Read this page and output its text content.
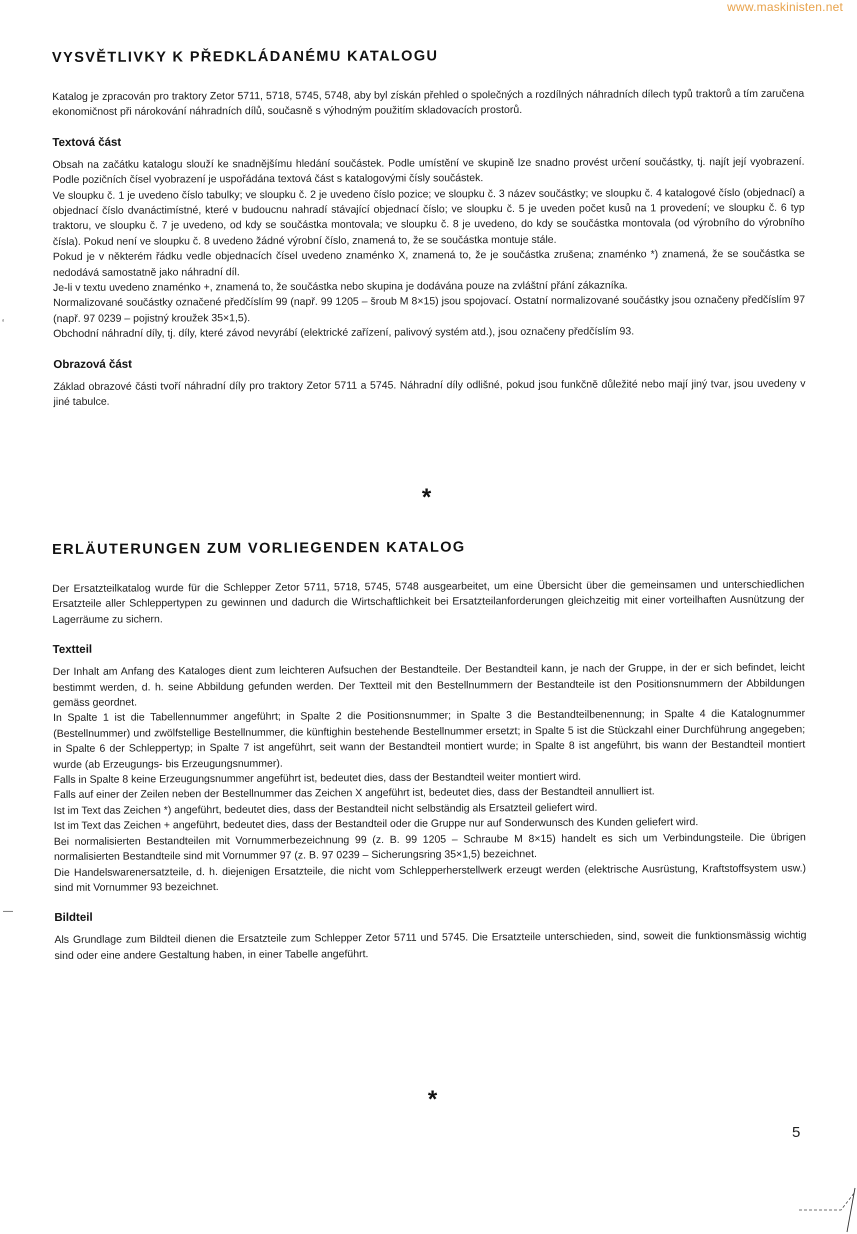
www.maskinisten.net
VYSVĚTLIVKY K PŘEDKLÁDANÉMU KATALOGU

Katalog je zpracován pro traktory Zetor 5711, 5718, 5745, 5748, aby byl získán přehled o společných a rozdílných náhradních dílech typů traktorů a tím zaručena ekonomičnost při nárokování náhradních dílů, současně s výhodným použitím skladovacích prostorů.

Textová část

Obsah na začátku katalogu slouží ke snadnějšímu hledání součástek. Podle umístění ve skupině lze snadno provést určení součástky, tj. najít její vyobrazení. Podle pozičních čísel vyobrazení je uspořádána textová část s katalogovými čísly součástek.

Ve sloupku č. 1 je uvedeno číslo tabulky; ve sloupku č. 2 je uvedeno číslo pozice; ve sloupku č. 3 název součástky; ve sloupku č. 4 katalogové číslo (objednací) a objednací číslo dvanáctimístné, které v budoucnu nahradí stávající objednací číslo; ve sloupku č. 5 je uveden počet kusů na 1 provedení; ve sloupku č. 6 typ traktoru, ve sloupku č. 7 je uvedeno, od kdy se součástka montovala; ve sloupku č. 8 je uvedeno, do kdy se součástka montovala (od výrobního do výrobního čísla). Pokud není ve sloupku č. 8 uvedeno žádné výrobní číslo, znamená to, že se součástka montuje stále.

Pokud je v některém řádku vedle objednacích čísel uvedeno znaménko X, znamená to, že je součástka zrušena; znaménko *) znamená, že se součástka se nedodává samostatně jako náhradní díl.

Je-li v textu uvedeno znaménko +, znamená to, že součástka nebo skupina je dodávána pouze na zvláštní přání zákazníka.

Normalizované součástky označené předčíslím 99 (např. 99 1205 – šroub M 8×15) jsou spojovací. Ostatní normalizované součástky jsou označeny předčíslím 97 (např. 97 0239 – pojistný kroužek 35×1,5).

Obchodní náhradní díly, tj. díly, které závod nevyrábí (elektrické zařízení, palivový systém atd.), jsou označeny předčíslím 93.

Obrazová část

Základ obrazové části tvoří náhradní díly pro traktory Zetor 5711 a 5745. Náhradní díly odlišné, pokud jsou funkčně důležité nebo mají jiný tvar, jsou uvedeny v jiné tabulce.

*
ERLÄUTERUNGEN ZUM VORLIEGENDEN KATALOG

Der Ersatzteilkatalog wurde für die Schlepper Zetor 5711, 5718, 5745, 5748 ausgearbeitet, um eine Übersicht über die gemeinsamen und unterschiedlichen Ersatzteile aller Schleppertypen zu gewinnen und dadurch die Wirtschaftlichkeit bei Ersatzteilanforderungen gleichzeitig mit einer vorteilhaften Ausnützung der Lagerräume zu sichern.

Textteil

Der Inhalt am Anfang des Kataloges dient zum leichteren Aufsuchen der Bestandteile. Der Bestandteil kann, je nach der Gruppe, in der er sich befindet, leicht bestimmt werden, d. h. seine Abbildung gefunden werden. Der Textteil mit den Bestellnummern der Bestandteile ist den Positionsnummern der Abbildungen gemäss geordnet.

In Spalte 1 ist die Tabellennummer angeführt; in Spalte 2 die Positionsnummer; in Spalte 3 die Bestandteilbenennung; in Spalte 4 die Katalognummer (Bestellnummer) und zwölfstellige Bestellnummer, die künftighin bestehende Bestellnummer ersetzt; in Spalte 5 ist die Stückzahl einer Durchführung angegeben; in Spalte 6 der Schleppertyp; in Spalte 7 ist angeführt, seit wann der Bestandteil montiert wurde; in Spalte 8 ist angeführt, bis wann der Bestandteil montiert wurde (ab Erzeugungs- bis Erzeugungsnummer).

Falls in Spalte 8 keine Erzeugungsnummer angeführt ist, bedeutet dies, dass der Bestandteil weiter montiert wird.

Falls auf einer der Zeilen neben der Bestellnummer das Zeichen X angeführt ist, bedeutet dies, dass der Bestandteil annulliert ist.

Ist im Text das Zeichen *) angeführt, bedeutet dies, dass der Bestandteil nicht selbständig als Ersatzteil geliefert wird.

Ist im Text das Zeichen + angeführt, bedeutet dies, dass der Bestandteil oder die Gruppe nur auf Sonderwunsch des Kunden geliefert wird.

Bei normalisierten Bestandteilen mit Vornummerbezeichnung 99 (z. B. 99 1205 – Schraube M 8×15) handelt es sich um Verbindungsteile. Die übrigen normalisierten Bestandteile sind mit Vornummer 97 (z. B. 97 0239 – Sicherungsring 35×1,5) bezeichnet.

Die Handelswarenersatzteile, d. h. diejenigen Ersatzteile, die nicht vom Schlepperherstellwerk erzeugt werden (elektrische Ausrüstung, Kraftstoffsystem usw.) sind mit Vornummer 93 bezeichnet.

Bildteil

Als Grundlage zum Bildteil dienen die Ersatzteile zum Schlepper Zetor 5711 und 5745. Die Ersatzteile unterschieden, sind, soweit die funktionsmässig wichtig sind oder eine andere Gestaltung haben, in einer Tabelle angeführt.

*
5
‘
—
